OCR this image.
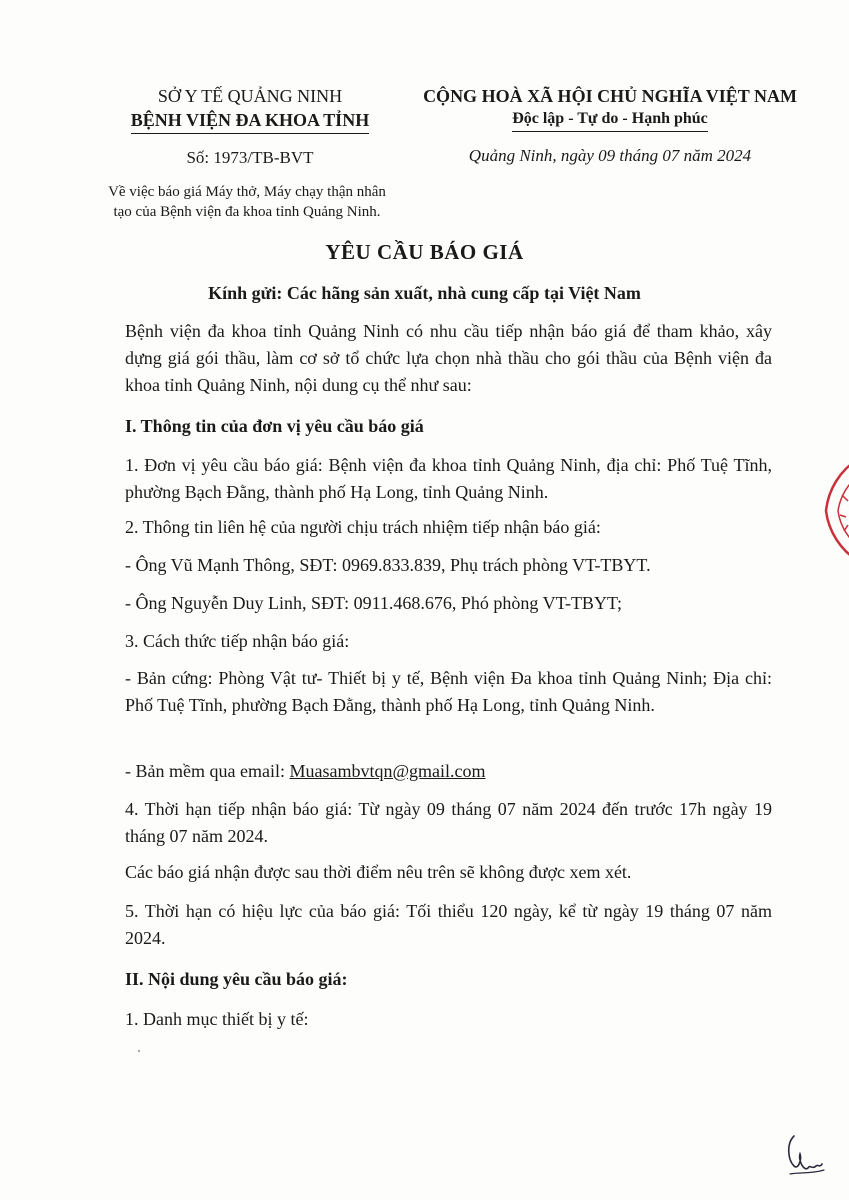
SỞ Y TẾ QUẢNG NINH
BỆNH VIỆN ĐA KHOA TỈNH
CỘNG HOÀ XÃ HỘI CHỦ NGHĨA VIỆT NAM
Độc lập - Tự do - Hạnh phúc
Số: 1973/TB-BVT	Quảng Ninh, ngày 09 tháng 07 năm 2024
Về việc báo giá Máy thở, Máy chạy thận nhân
tạo của Bệnh viện đa khoa tỉnh Quảng Ninh.
YÊU CẦU BÁO GIÁ
Kính gửi: Các hãng sản xuất, nhà cung cấp tại Việt Nam
Bệnh viện đa khoa tỉnh Quảng Ninh có nhu cầu tiếp nhận báo giá để tham khảo, xây dựng giá gói thầu, làm cơ sở tổ chức lựa chọn nhà thầu cho gói thầu của Bệnh viện đa khoa tỉnh Quảng Ninh, nội dung cụ thể như sau:
I. Thông tin của đơn vị yêu cầu báo giá
1. Đơn vị yêu cầu báo giá: Bệnh viện đa khoa tỉnh Quảng Ninh, địa chỉ: Phố Tuệ Tĩnh, phường Bạch Đằng, thành phố Hạ Long, tỉnh Quảng Ninh.
2. Thông tin liên hệ của người chịu trách nhiệm tiếp nhận báo giá:
- Ông Vũ Mạnh Thông, SĐT: 0969.833.839, Phụ trách phòng VT-TBYT.
- Ông Nguyễn Duy Linh, SĐT: 0911.468.676, Phó phòng VT-TBYT;
3. Cách thức tiếp nhận báo giá:
- Bản cứng: Phòng Vật tư- Thiết bị y tế, Bệnh viện Đa khoa tỉnh Quảng Ninh; Địa chỉ: Phố Tuệ Tĩnh, phường Bạch Đằng, thành phố Hạ Long, tỉnh Quảng Ninh.
- Bản mềm qua email: Muasambvtqn@gmail.com
4. Thời hạn tiếp nhận báo giá: Từ ngày 09 tháng 07 năm 2024 đến trước 17h ngày 19 tháng 07 năm 2024.
Các báo giá nhận được sau thời điểm nêu trên sẽ không được xem xét.
5. Thời hạn có hiệu lực của báo giá: Tối thiểu 120 ngày, kể từ ngày 19 tháng 07 năm 2024.
II. Nội dung yêu cầu báo giá:
1. Danh mục thiết bị y tế:
